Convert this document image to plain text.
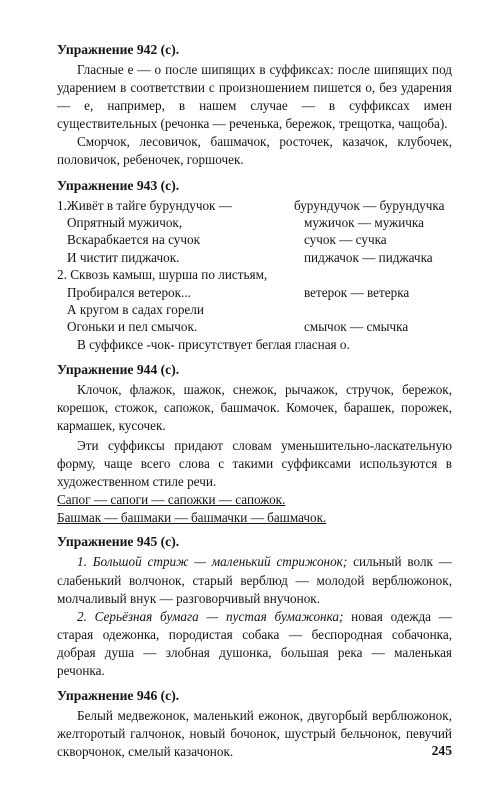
Упражнение 942 (с).

Гласные е — о после шипящих в суффиксах: после шипящих под ударением в соответствии с произношением пишется о, без ударения — е, например, в нашем случае — в суффиксах имен существительных (речонка — реченька, бережок, трещотка, чащоба).

Сморчок, лесовичок, башмачок, росточек, казачок, клубочек, половичок, ребеночек, горшочек.

Упражнение 943 (с).
1.Живёт в тайге бурундучок —	бурундучок — бурундучка
Опрятный мужичок,	мужичок — мужичка
Вскарабкается на сучок	сучок — сучка
И чистит пиджачок.	пиджачок — пиджачка
2. Сквозь камыш, шурша по листьям,
Пробирался ветерок...	ветерок — ветерка
А кругом в садах горели
Огоньки и пел смычок.	смычок — смычка

В суффиксе -чок- присутствует беглая гласная о.

Упражнение 944 (с).

Клочок, флажок, шажок, снежок, рычажок, стручок, бережок, корешок, стожок, сапожок, башмачок. Комочек, барашек, порожек, кармашек, кусочек.

Эти суффиксы придают словам уменьшительно-ласкательную форму, чаще всего слова с такими суффиксами используются в художественном стиле речи.

Сапог — сапоги — сапожки — сапожок.
Башмак — башмаки — башмачки — башмачок.
Упражнение 945 (с).

1. Большой стриж — маленький стрижонок; сильный волк — слабенький волчонок, старый верблюд — молодой верблюжонок, молчаливый внук — разговорчивый внучонок.

2. Серьёзная бумага — пустая бумажонка; новая одежда — старая одежонка, породистая собака — беспородная собачонка, добрая душа — злобная душонка, большая река — маленькая речонка.

Упражнение 946 (с).

Белый медвежонок, маленький ежонок, двугорбый верблюжонок, желторотый галчонок, новый бочонок, шустрый бельчонок, певучий скворчонок, смелый казачонок.	245
